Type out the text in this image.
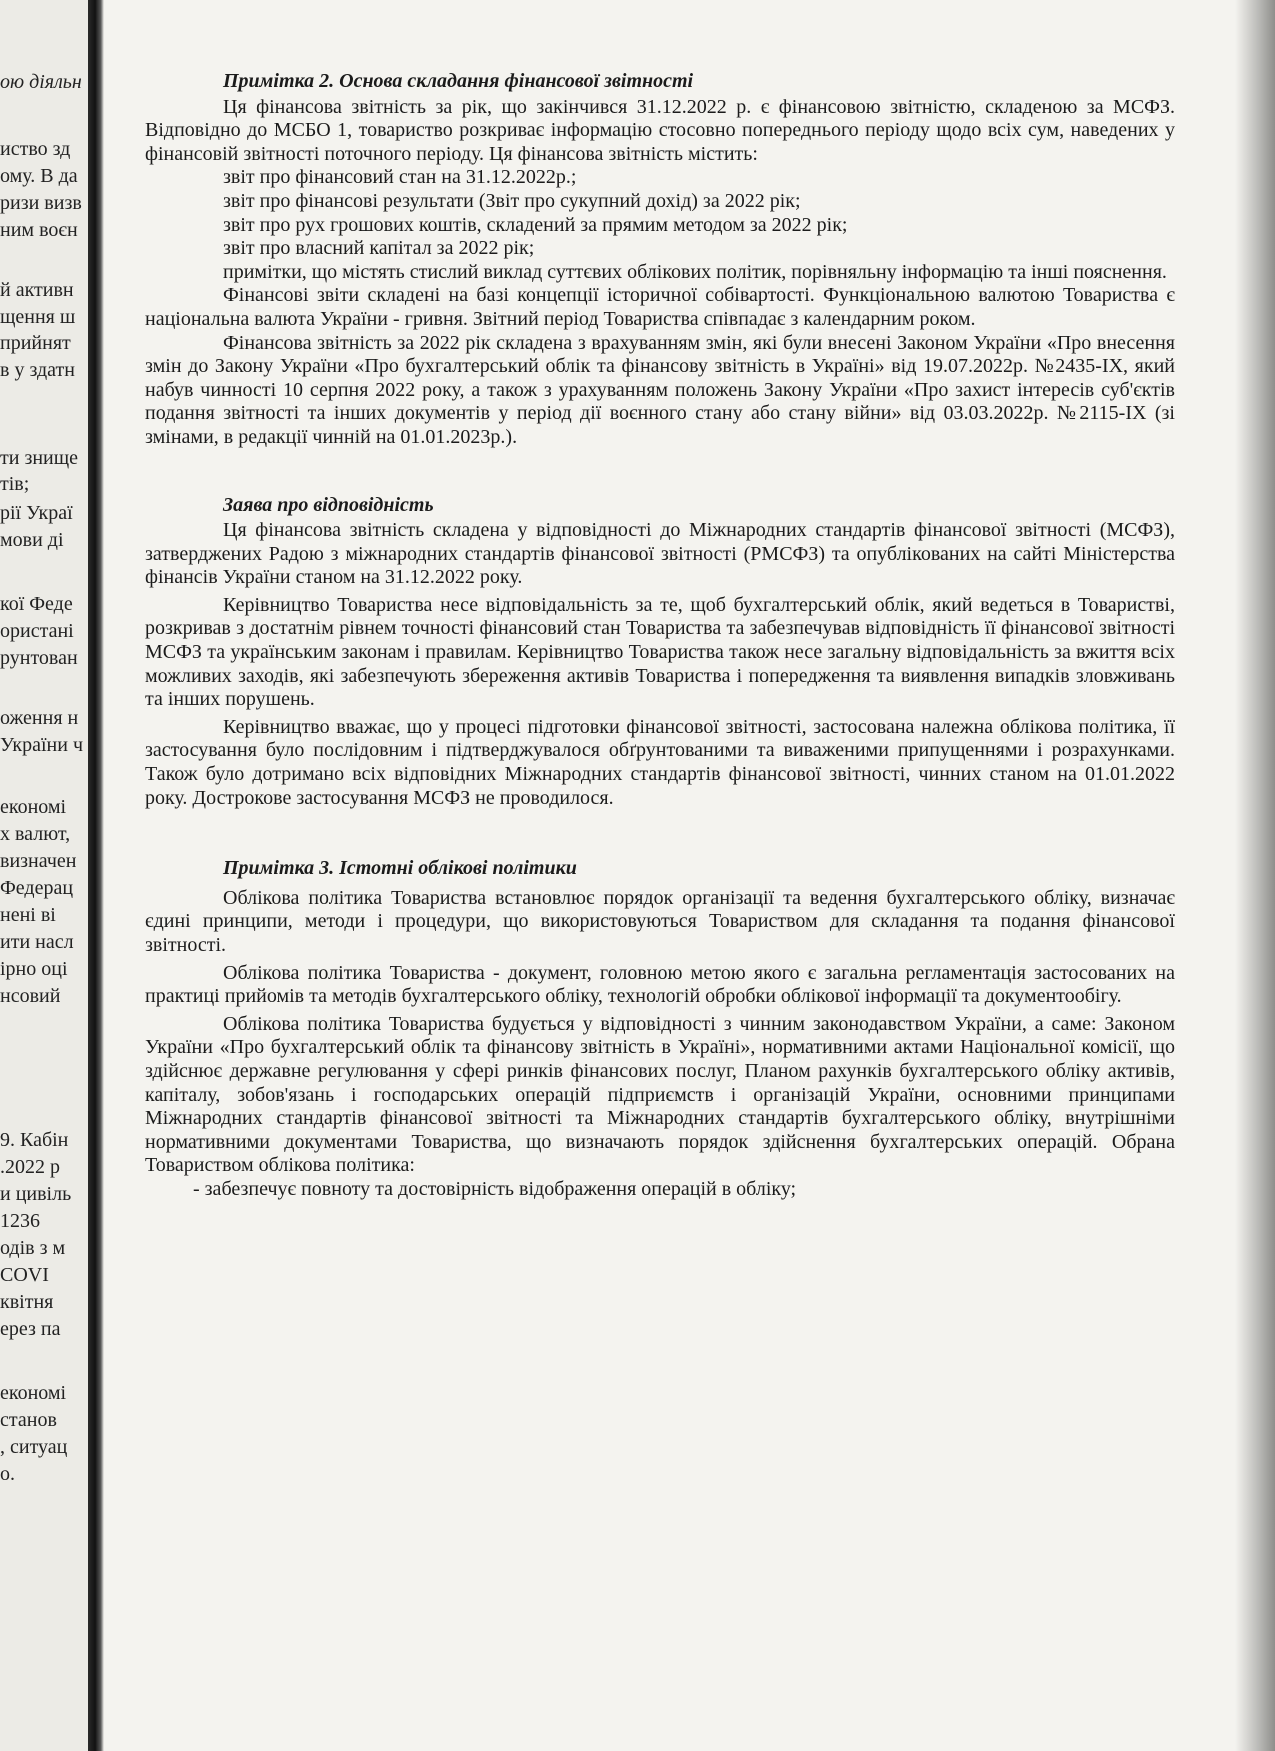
ою діяльн
иство зд
ому. В да
ризи визв
ним воєн
й активн
щення ш
прийнят
в у здатн
ти знище
тів;
рії Украї
мови ді
кої Феде
ористані
рунтован
оження н
України ч
економі
х валют,
визначен
Федерац
нені ві
ити насл
ірно оці
нсовий
9. Кабін
.2022 р
и цивіль
1236
одів з м
COVI
квітня
ерез па
економі
станов
, ситуац
о.
Примітка 2. Основа складання фінансової звітності

Ця фінансова звітність за рік, що закінчився 31.12.2022 р. є фінансовою звітністю, складеною за МСФЗ. Відповідно до МСБО 1, товариство розкриває інформацію стосовно попереднього періоду щодо всіх сум, наведених у фінансовій звітності поточного періоду. Ця фінансова звітність містить:

звіт про фінансовий стан на 31.12.2022р.;

звіт про фінансові результати (Звіт про сукупний дохід) за 2022 рік;

звіт про рух грошових коштів, складений за прямим методом за 2022 рік;

звіт про власний капітал за 2022 рік;

примітки, що містять стислий виклад суттєвих облікових політик, порівняльну інформацію та інші пояснення.

Фінансові звіти складені на базі концепції історичної собівартості. Функціональною валютою Товариства є національна валюта України - гривня. Звітний період Товариства співпадає з календарним роком.

Фінансова звітність за 2022 рік складена з врахуванням змін, які були внесені Законом України «Про внесення змін до Закону України «Про бухгалтерський облік та фінансову звітність в Україні» від 19.07.2022р. №2435-IX, який набув чинності 10 серпня 2022 року, а також з урахуванням положень Закону України «Про захист інтересів суб'єктів подання звітності та інших документів у період дії воєнного стану або стану війни» від 03.03.2022р. №2115-IX (зі змінами, в редакції чинній на 01.01.2023р.).

Заява про відповідність

Ця фінансова звітність складена у відповідності до Міжнародних стандартів фінансової звітності (МСФЗ), затверджених Радою з міжнародних стандартів фінансової звітності (РМСФЗ) та опублікованих на сайті Міністерства фінансів України станом на 31.12.2022 року.

Керівництво Товариства несе відповідальність за те, щоб бухгалтерський облік, який ведеться в Товаристві, розкривав з достатнім рівнем точності фінансовий стан Товариства та забезпечував відповідність її фінансової звітності МСФЗ та українським законам і правилам. Керівництво Товариства також несе загальну відповідальність за вжиття всіх можливих заходів, які забезпечують збереження активів Товариства і попередження та виявлення випадків зловживань та інших порушень.

Керівництво вважає, що у процесі підготовки фінансової звітності, застосована належна облікова політика, її застосування було послідовним і підтверджувалося обґрунтованими та виваженими припущеннями і розрахунками. Також було дотримано всіх відповідних Міжнародних стандартів фінансової звітності, чинних станом на 01.01.2022 року. Дострокове застосування МСФЗ не проводилося.

Примітка 3. Істотні облікові політики

Облікова політика Товариства встановлює порядок організації та ведення бухгалтерського обліку, визначає єдині принципи, методи і процедури, що використовуються Товариством для складання та подання фінансової звітності.

Облікова політика Товариства - документ, головною метою якого є загальна регламентація застосованих на практиці прийомів та методів бухгалтерського обліку, технологій обробки облікової інформації та документообігу.

Облікова політика Товариства будується у відповідності з чинним законодавством України, а саме: Законом України «Про бухгалтерський облік та фінансову звітність в Україні», нормативними актами Національної комісії, що здійснює державне регулювання у сфері ринків фінансових послуг, Планом рахунків бухгалтерського обліку активів, капіталу, зобов'язань і господарських операцій підприємств і організацій України, основними принципами Міжнародних стандартів фінансової звітності та Міжнародних стандартів бухгалтерського обліку, внутрішніми нормативними документами Товариства, що визначають порядок здійснення бухгалтерських операцій. Обрана Товариством облікова політика:

- забезпечує повноту та достовірність відображення операцій в обліку;
